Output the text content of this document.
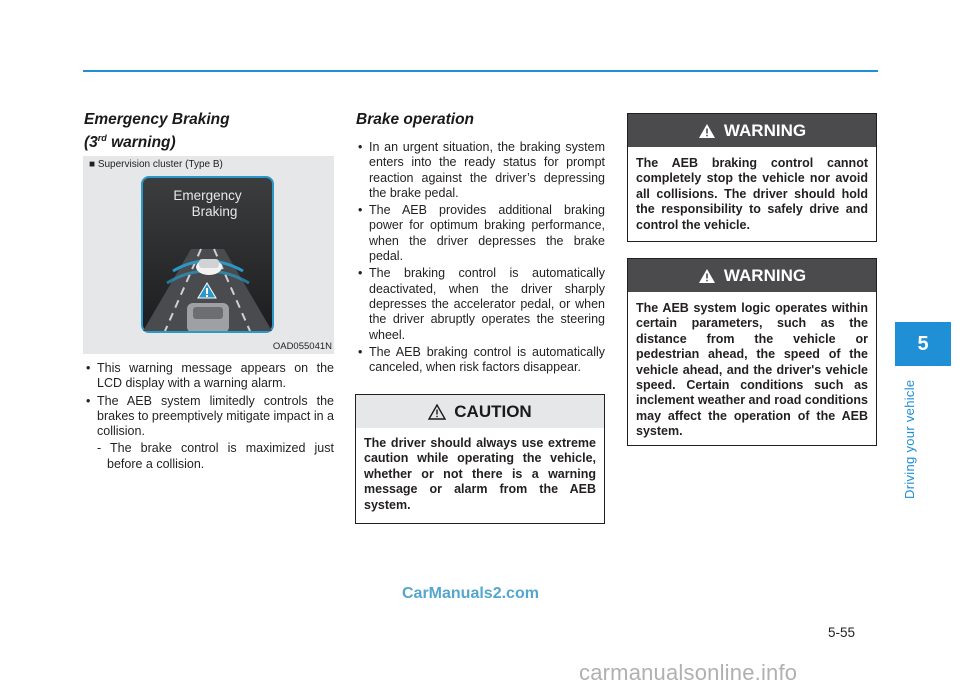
Emergency Braking
(3rd warning)
■ Supervision cluster (Type B)
Emergency
Braking
OAD055041N
• This warning message appears on the LCD display with a warning alarm.
• The AEB system limitedly controls the brakes to preemptively mitigate impact in a collision.
- The brake control is maximized just before a collision.
Brake operation
• In an urgent situation, the braking system enters into the ready status for prompt reaction against the driver’s depressing the brake pedal.
• The AEB provides additional braking power for optimum braking performance, when the driver depresses the brake pedal.
• The braking control is automatically deactivated, when the driver sharply depresses the accelerator pedal, or when the driver abruptly operates the steering wheel.
• The AEB braking control is automatically canceled, when risk factors disappear.
CAUTION
The driver should always use extreme caution while operating the vehicle, whether or not there is a warning message or alarm from the AEB system.
WARNING
The AEB braking control cannot completely stop the vehicle nor avoid all collisions. The driver should hold the responsibility to safely drive and control the vehicle.
WARNING
The AEB system logic operates within certain parameters, such as the distance from the vehicle or pedestrian ahead, the speed of the vehicle ahead, and the driver's vehicle speed. Certain conditions such as inclement weather and road conditions may affect the operation of the AEB system.
5
Driving your vehicle
5-55
CarManuals2.com
carmanualsonline.info
